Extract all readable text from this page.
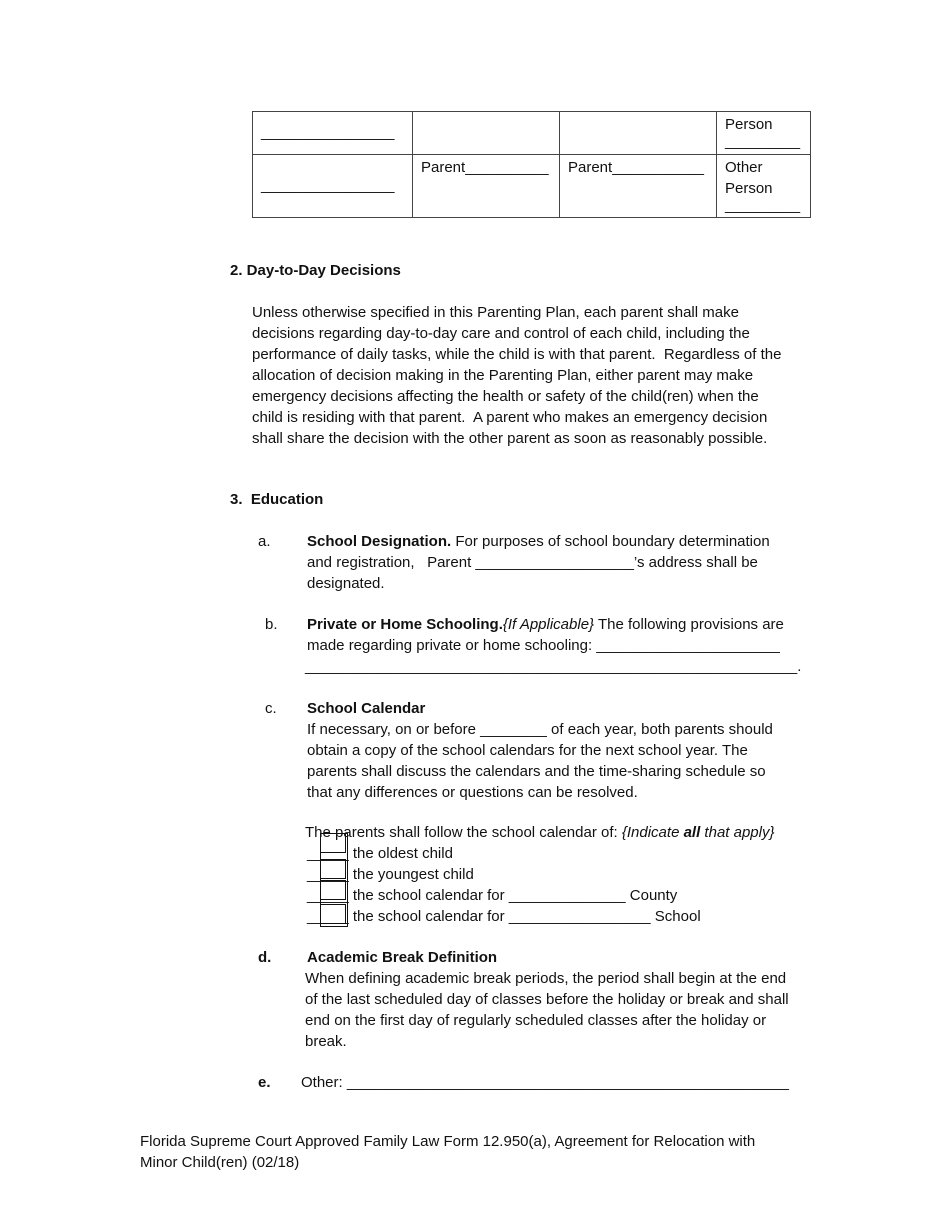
________________			Person
_________

________________	Parent__________	Parent___________	Other
Person
_________
2. Day-to-Day Decisions
Unless otherwise specified in this Parenting Plan, each parent shall make
decisions regarding day-to-day care and control of each child, including the
performance of daily tasks, while the child is with that parent.  Regardless of the
allocation of decision making in the Parenting Plan, either parent may make
emergency decisions affecting the health or safety of the child(ren) when the
child is residing with that parent.  A parent who makes an emergency decision
shall share the decision with the other parent as soon as reasonably possible.
3.  Education
a. School Designation. For purposes of school boundary determination
and registration,   Parent ___________________’s address shall be
designated.
b. Private or Home Schooling.{If Applicable} The following provisions are
made regarding private or home schooling: ______________________
___________________________________________________________.
c. School Calendar
If necessary, on or before ________ of each year, both parents should
obtain a copy of the school calendars for the next school year. The
parents shall discuss the calendars and the time-sharing schedule so
that any differences or questions can be resolved.
The parents shall follow the school calendar of: {Indicate all that apply}
_____ the oldest child
_____ the youngest child
_____ the school calendar for ______________ County
_____ the school calendar for _________________ School
d. Academic Break Definition
When defining academic break periods, the period shall begin at the end
of the last scheduled day of classes before the holiday or break and shall
end on the first day of regularly scheduled classes after the holiday or
break.
e. Other: _____________________________________________________
Florida Supreme Court Approved Family Law Form 12.950(a), Agreement for Relocation with
Minor Child(ren) (02/18)
